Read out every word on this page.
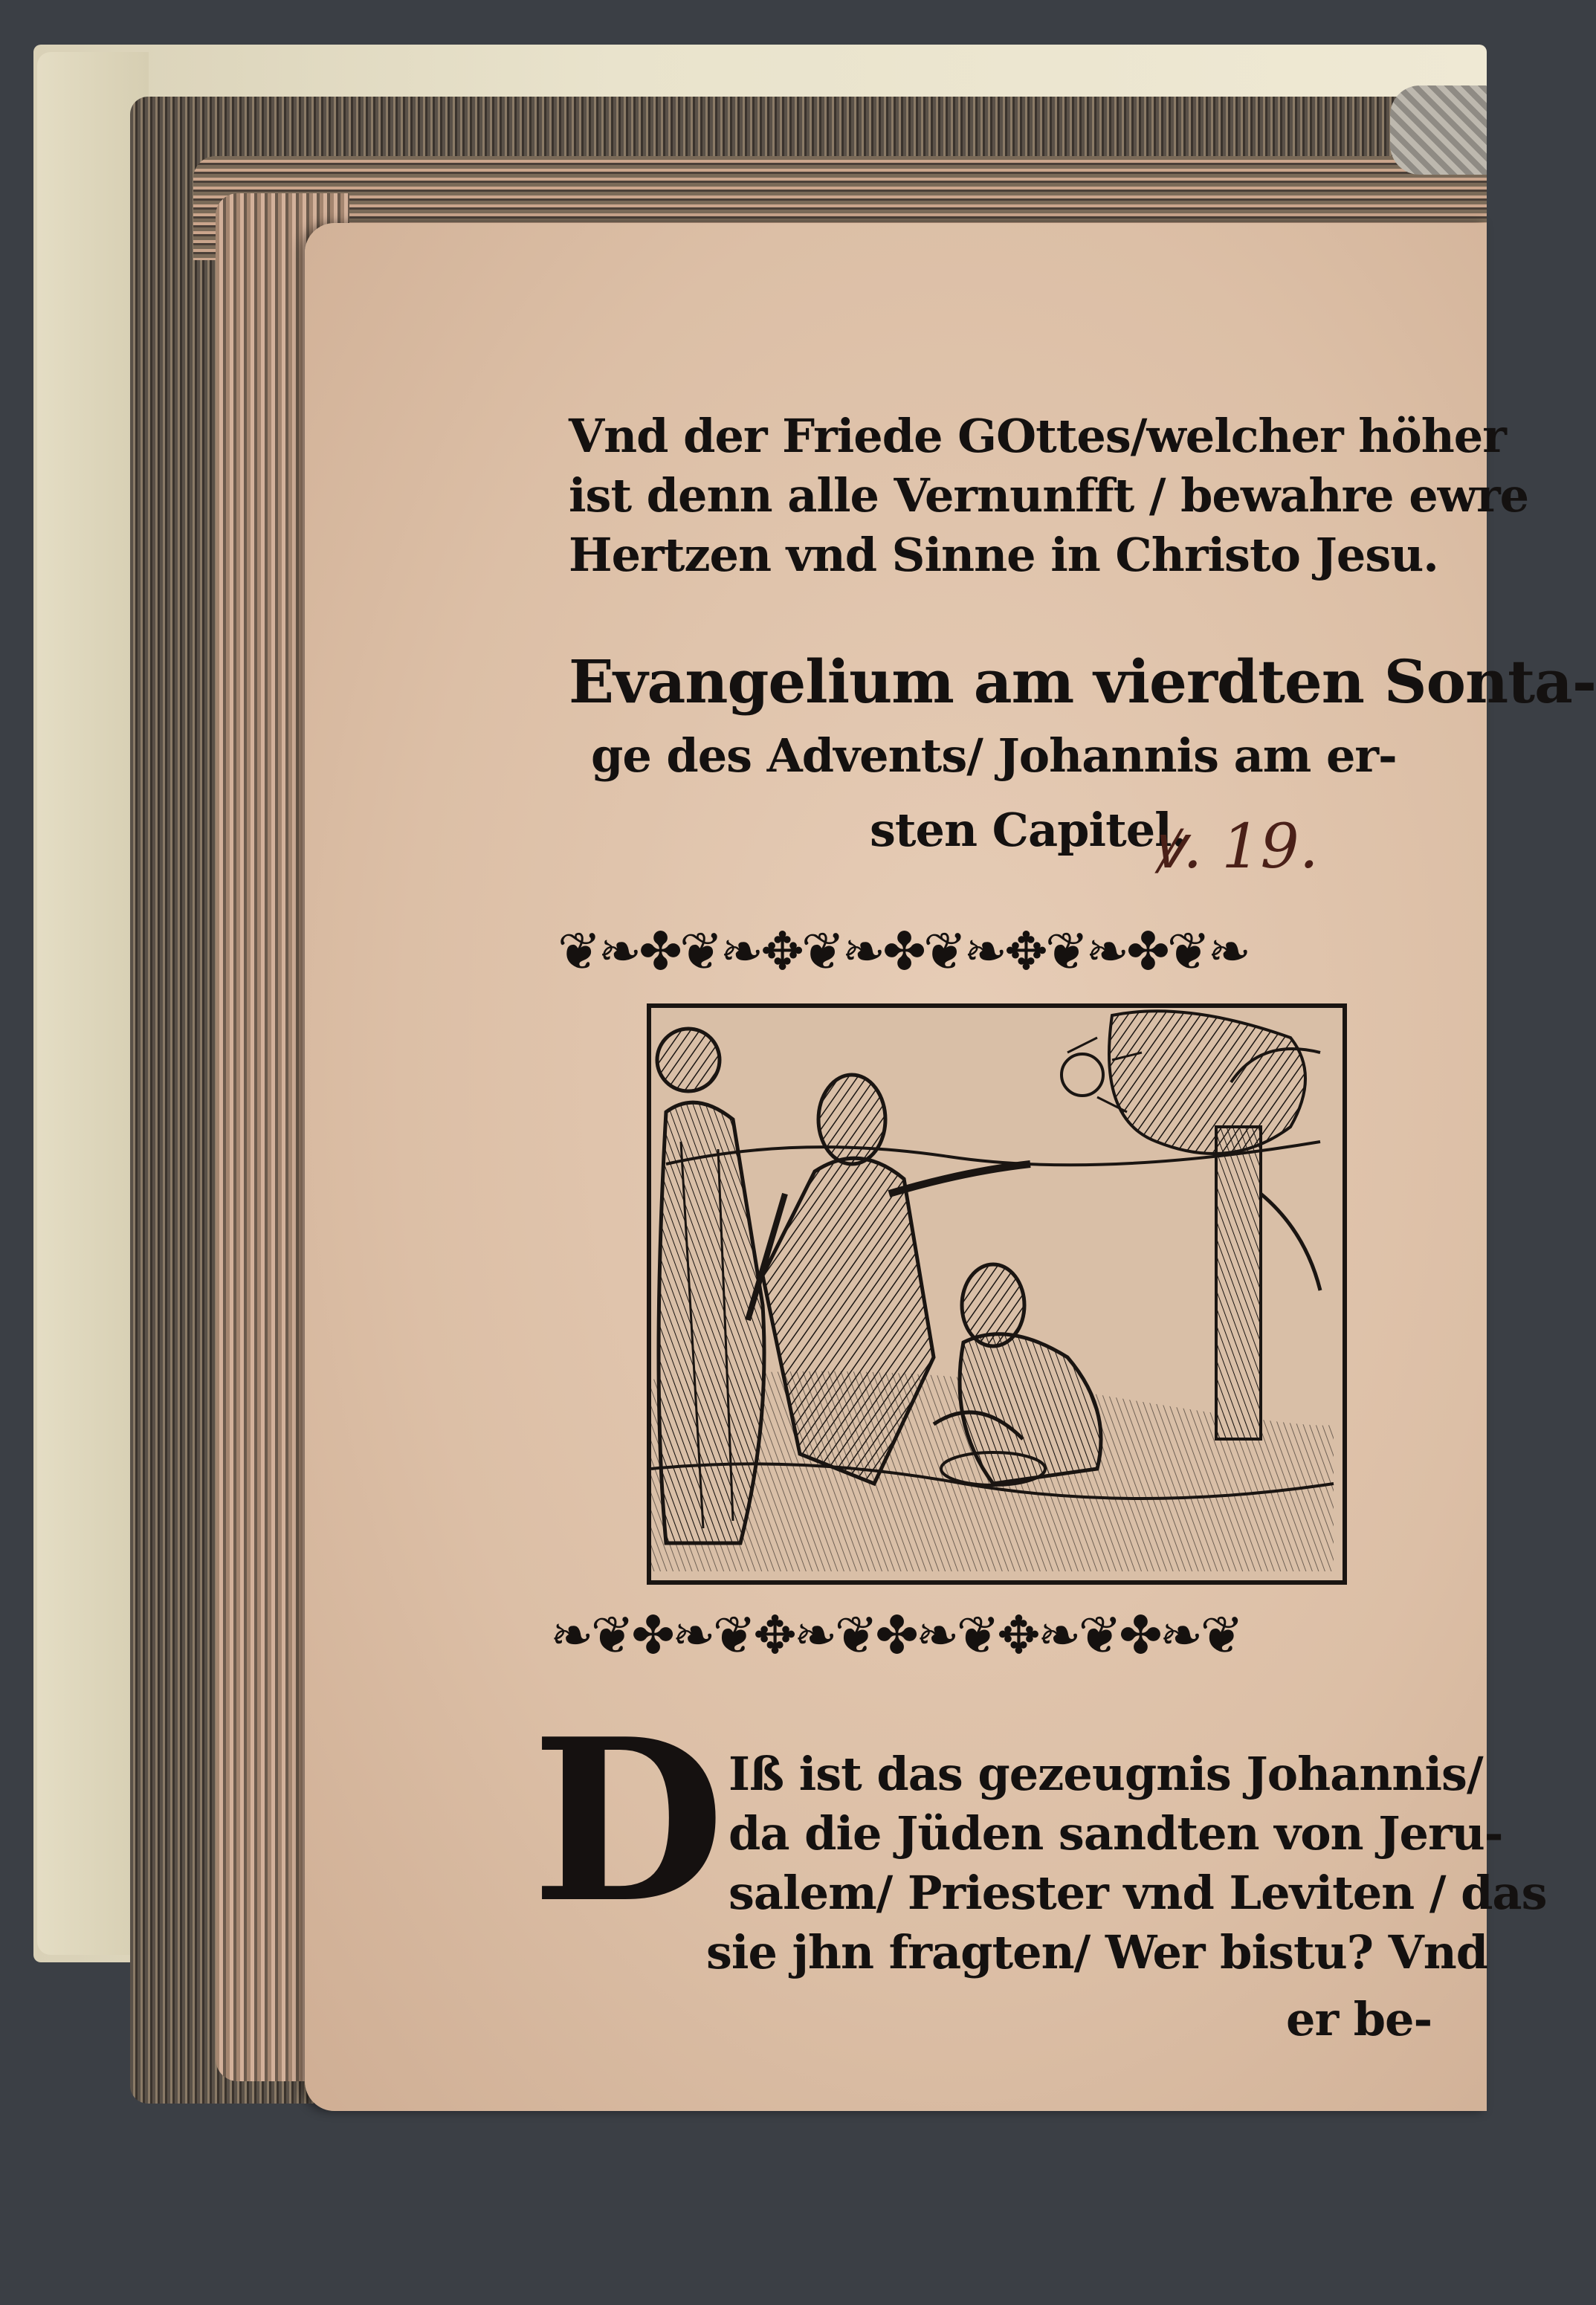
Vnd der Friede GOttes/welcher höher
ist denn alle Vernunfft / bewahre ewre
Hertzen vnd Sinne in Christo Jesu.
Evangelium am vierdten Sonta-
ge des Advents/ Johannis am er-
sten Capitel.
ꝟ. 19.
❦❧✤❦❧✥❦❧✤❦❧✥❦❧✤❦❧
❧❦✤❧❦✥❧❦✤❧❦✥❧❦✤❧❦
D Iß ist das gezeugnis Johannis/
da die Jüden sandten von Jeru-
salem/ Priester vnd Leviten / das
sie jhn fragten/ Wer bistu? Vnd
er be-
